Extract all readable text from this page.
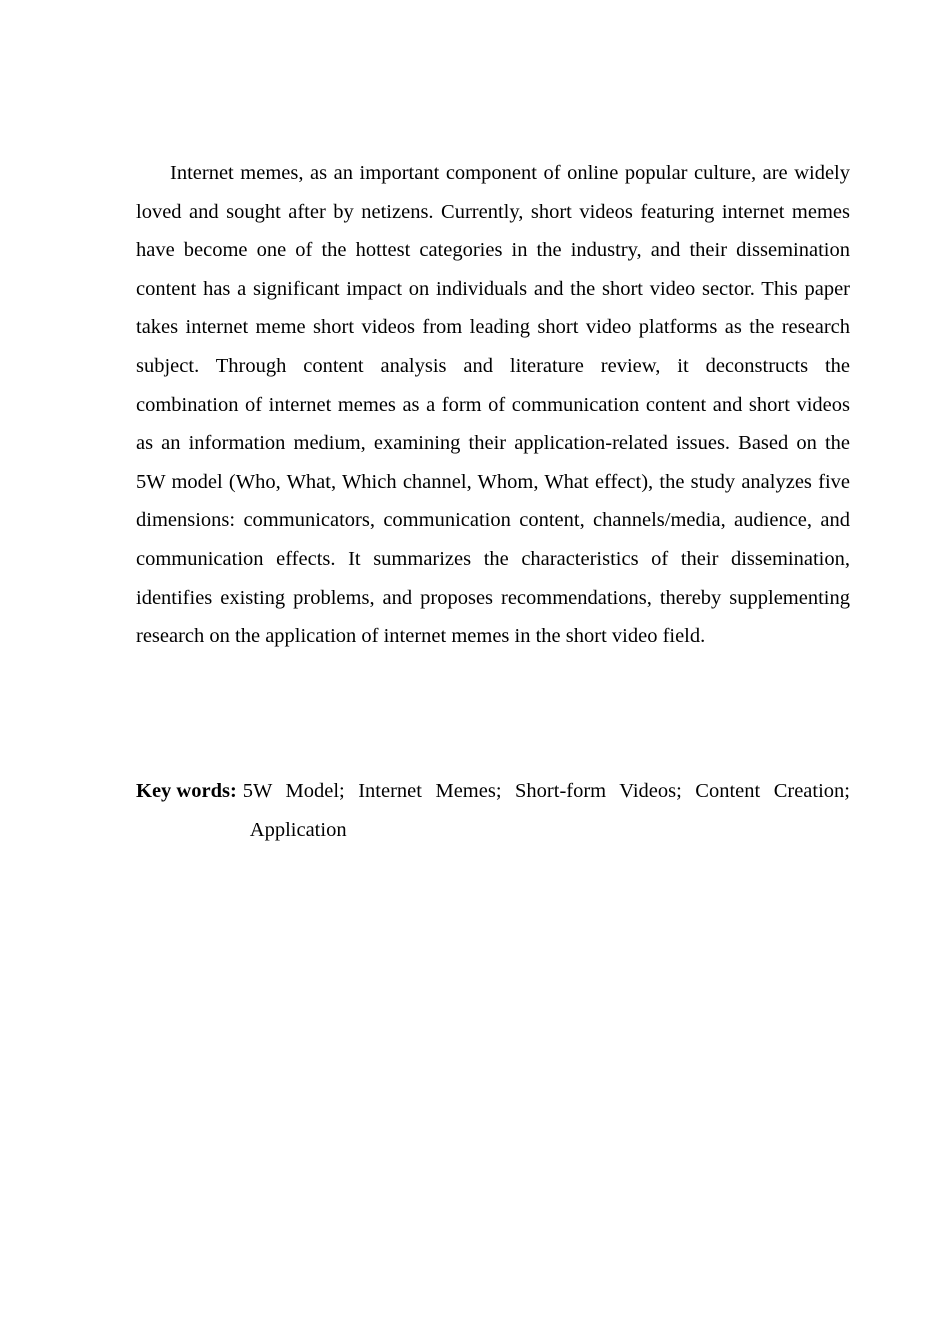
Internet memes, as an important component of online popular culture, are widely loved and sought after by netizens. Currently, short videos featuring internet memes have become one of the hottest categories in the industry, and their dissemination content has a significant impact on individuals and the short video sector. This paper takes internet meme short videos from leading short video platforms as the research subject. Through content analysis and literature review, it deconstructs the combination of internet memes as a form of communication content and short videos as an information medium, examining their application-related issues. Based on the 5W model (Who, What, Which channel, Whom, What effect), the study analyzes five dimensions: communicators, communication content, channels/media, audience, and communication effects. It summarizes the characteristics of their dissemination, identifies existing problems, and proposes recommendations, thereby supplementing research on the application of internet memes in the short video field.

Key words : 5W Model; Internet Memes; Short-form Videos; Content Creation;
Application
